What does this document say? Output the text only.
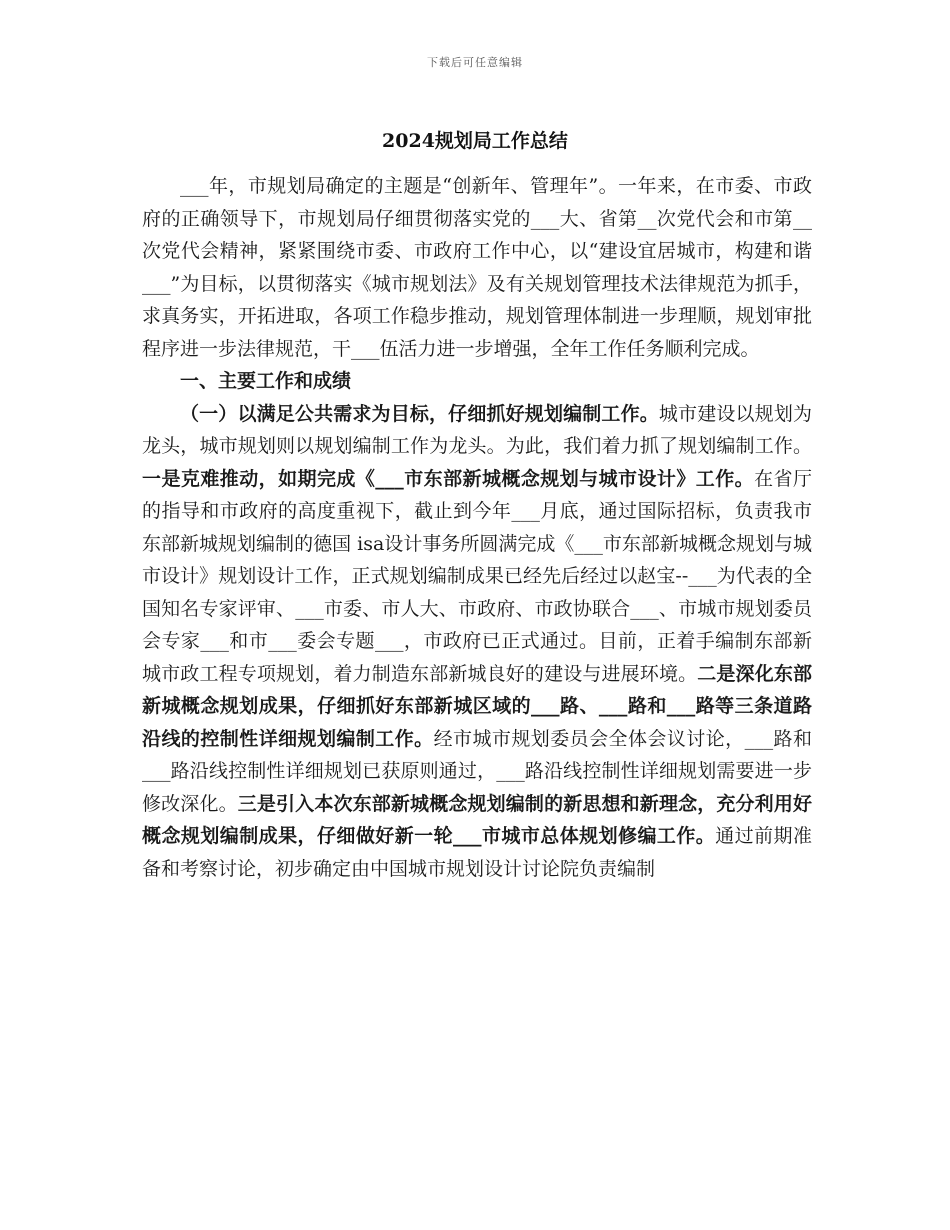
下载后可任意编辑
2024规划局工作总结

___年，市规划局确定的主题是“创新年、管理年”。一年来，在市委、市政府的正确领导下，市规划局仔细贯彻落实党的___大、省第__次党代会和市第__次党代会精神，紧紧围绕市委、市政府工作中心，以“建设宜居城市，构建和谐___”为目标，以贯彻落实《城市规划法》及有关规划管理技术法律规范为抓手，求真务实，开拓进取，各项工作稳步推动，规划管理体制进一步理顺，规划审批程序进一步法律规范，干___伍活力进一步增强，全年工作任务顺利完成。

一、主要工作和成绩

（一）以满足公共需求为目标，仔细抓好规划编制工作。城市建设以规划为龙头，城市规划则以规划编制工作为龙头。为此，我们着力抓了规划编制工作。一是克难推动，如期完成《___市东部新城概念规划与城市设计》工作。在省厅的指导和市政府的高度重视下，截止到今年___月底，通过国际招标，负责我市东部新城规划编制的德国 isa设计事务所圆满完成《___市东部新城概念规划与城市设计》规划设计工作，正式规划编制成果已经先后经过以赵宝--___为代表的全国知名专家评审、___市委、市人大、市政府、市政协联合___、市城市规划委员会专家___和市___委会专题___，市政府已正式通过。目前，正着手编制东部新城市政工程专项规划，着力制造东部新城良好的建设与进展环境。二是深化东部新城概念规划成果，仔细抓好东部新城区域的___路、___路和___路等三条道路沿线的控制性详细规划编制工作。经市城市规划委员会全体会议讨论，___路和___路沿线控制性详细规划已获原则通过，___路沿线控制性详细规划需要进一步修改深化。三是引入本次东部新城概念规划编制的新思想和新理念，充分利用好概念规划编制成果，仔细做好新一轮___市城市总体规划修编工作。通过前期准备和考察讨论，初步确定由中国城市规划设计讨论院负责编制
